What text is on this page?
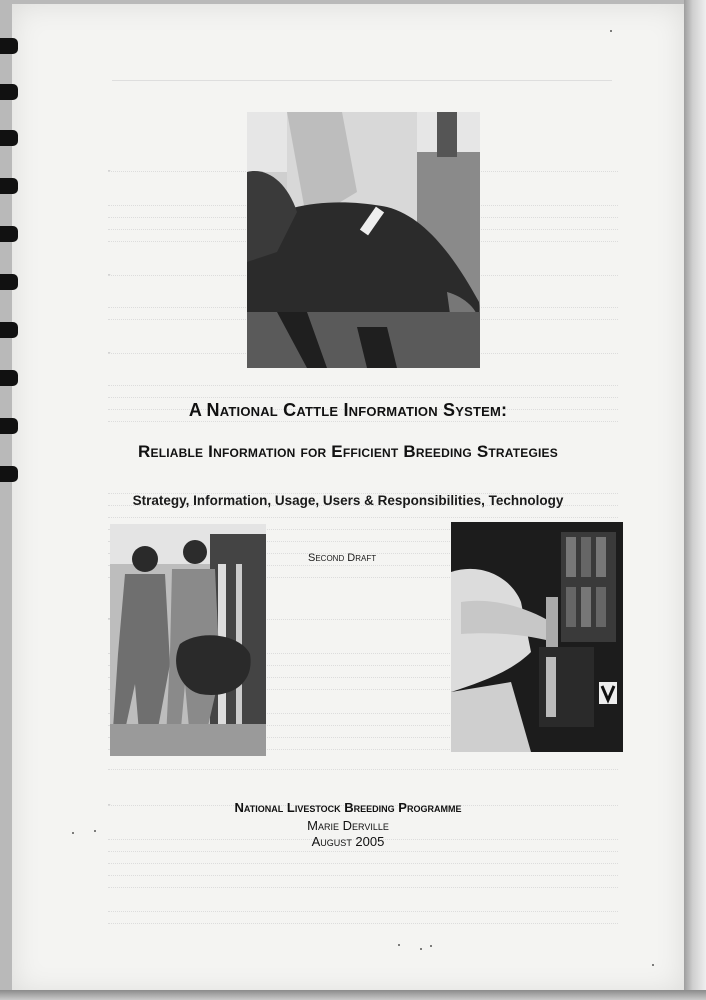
A National Cattle Information System:
Reliable Information for Efficient Breeding Strategies
Strategy, Information, Usage, Users & Responsibilities, Technology
Second Draft
National Livestock Breeding Programme
Marie Derville
August 2005
